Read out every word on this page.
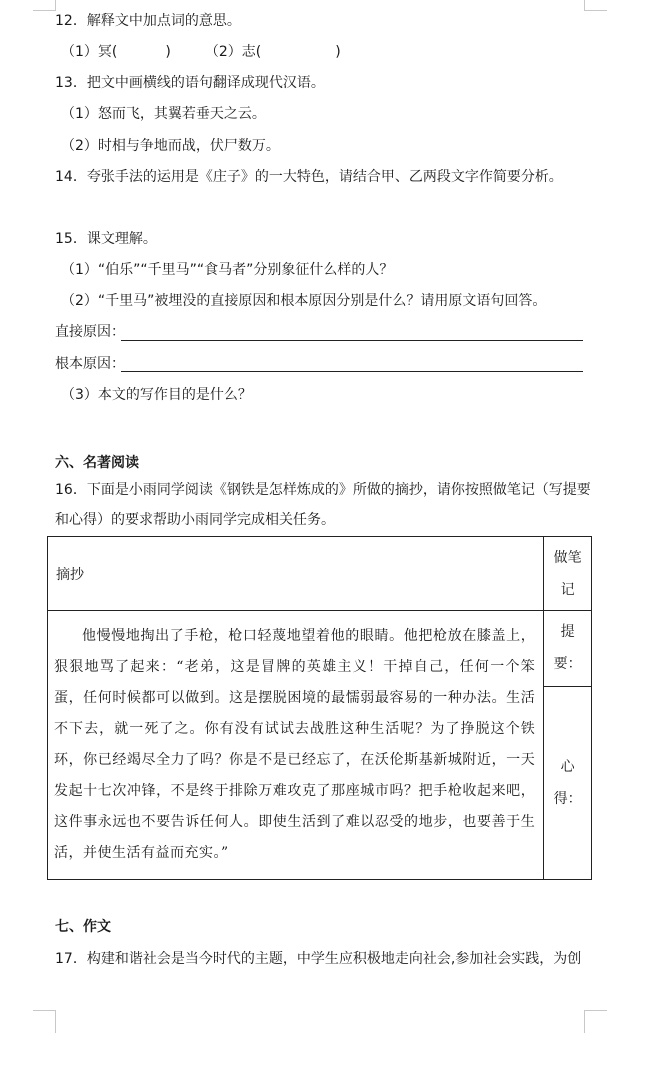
12．解释文中加点词的意思。
（1）冥(	) （2）志(	)
13．把文中画横线的语句翻译成现代汉语。
（1）怒而飞，其翼若垂天之云。
（2）时相与争地而战，伏尸数万。
14．夸张手法的运用是《庄子》的一大特色，请结合甲、乙两段文字作简要分析。
15．课文理解。
（1）“伯乐”“千里马”“食马者”分别象征什么样的人？
（2）“千里马”被埋没的直接原因和根本原因分别是什么？请用原文语句回答。
直接原因：
根本原因：
（3）本文的写作目的是什么？
六、名著阅读
16．下面是小雨同学阅读《钢铁是怎样炼成的》所做的摘抄，请你按照做笔记（写提要
和心得）的要求帮助小雨同学完成相关任务。
摘抄	做笔记

他慢慢地掏出了手枪，枪口轻蔑地望着他的眼睛。他把枪放在膝盖上，狠狠地骂了起来：“老弟，这是冒牌的英雄主义！干掉自己，任何一个笨蛋，任何时候都可以做到。这是摆脱困境的最懦弱最容易的一种办法。生活不下去，就一死了之。你有没有试试去战胜这种生活呢？为了挣脱这个铁环，你已经竭尽全力了吗？你是不是已经忘了，在沃伦斯基新城附近，一天发起十七次冲锋，不是终于排除万难攻克了那座城市吗？把手枪收起来吧，这件事永远也不要告诉任何人。即使生活到了难以忍受的地步，也要善于生活，并使生活有益而充实。”	提要：

	心得：
七、作文
17．构建和谐社会是当今时代的主题，中学生应积极地走向社会,参加社会实践，为创
